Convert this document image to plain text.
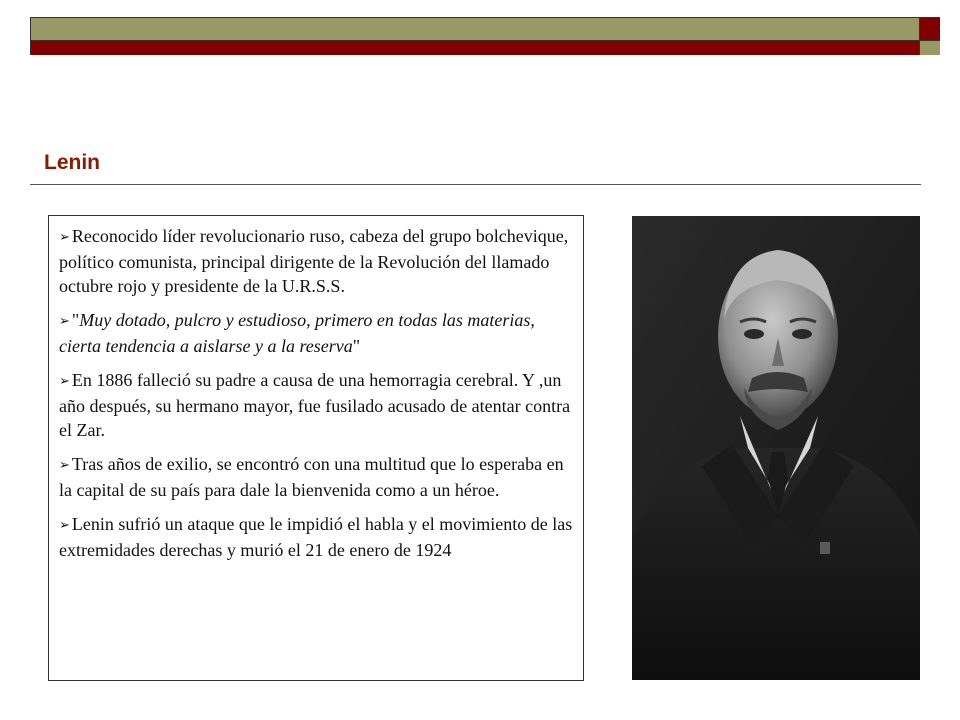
Lenin
➢ Reconocido líder revolucionario ruso, cabeza del grupo bolchevique, político comunista, principal dirigente de la Revolución del llamado octubre rojo y presidente de la U.R.S.S.
➢ "Muy dotado, pulcro y estudioso, primero en todas las materias, cierta tendencia a aislarse y a la reserva"
➢ En 1886 falleció su padre a causa de una hemorragia cerebral. Y ,un año después, su hermano mayor, fue fusilado acusado de atentar contra el Zar.
➢ Tras años de exilio, se encontró con una multitud que lo esperaba en la capital de su país para dale la bienvenida como a un héroe.
➢ Lenin sufrió un ataque que le impidió el habla y el movimiento de las extremidades derechas y murió el 21 de enero de 1924
